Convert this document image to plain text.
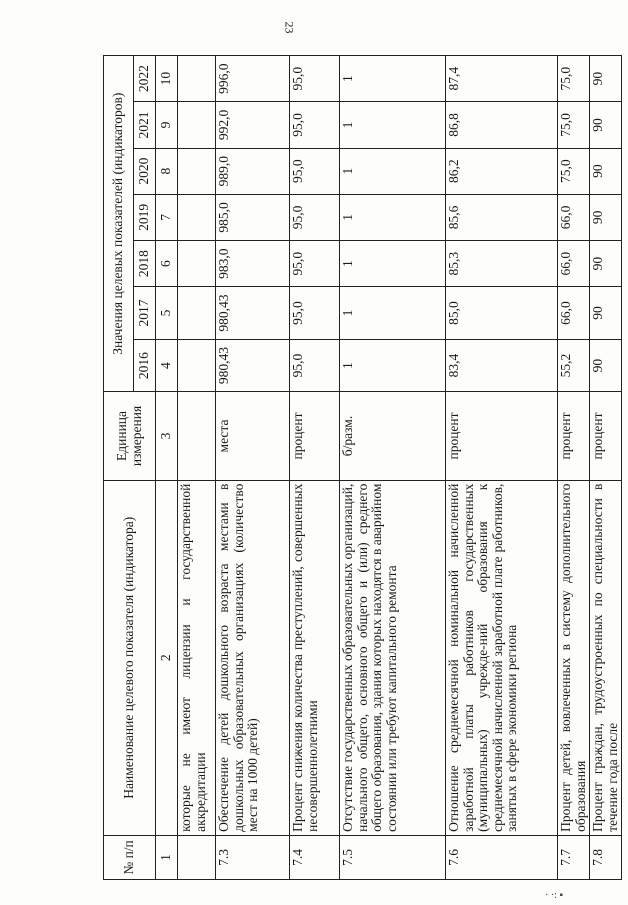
23
№ п/п	Наименование целевого показателя (индикатора)	Единица измерения	Значения целевых показателей (индикаторов)						
			2016	2017	2018	2019	2020	2021	2022
1	2	3	4	5	6	7	8	9	10
	которые не имеют лицензии и государственной аккредитации								
7.3	Обеспечение детей дошкольного возраста местами в дошкольных образовательных организациях (количество мест на 1000 детей)	места	980,43	980,43	983,0	985,0	989,0	992,0	996,0
7.4	Процент снижения количества преступлений, совершенных несовершеннолетними	процент	95,0	95,0	95,0	95,0	95,0	95,0	95,0
7.5	Отсутствие государственных образовательных организаций, начального общего, основного общего и (или) среднего общего образования, здания которых находятся в аварийном состоянии или требуют капитального ремонта	б/разм.	1	1	1	1	1	1	1
7.6	Отношение среднемесячной номинальной начисленной заработной платы работников государственных (муниципальных) учрежде-ний образования к среднемесячной начисленной заработной плате работников, занятых в сфере экономики региона	процент	83,4	85,0	85,3	85,6	86,2	86,8	87,4
7.7	Процент детей, вовлеченных в систему дополнительного образования	процент	55,2	66,0	66,0	66,0	75,0	75,0	75,0
7.8	Процент граждан, трудоустроенных по специальности в течение года после	процент	90	90	90	90	90	90	90
· ·: ▪
